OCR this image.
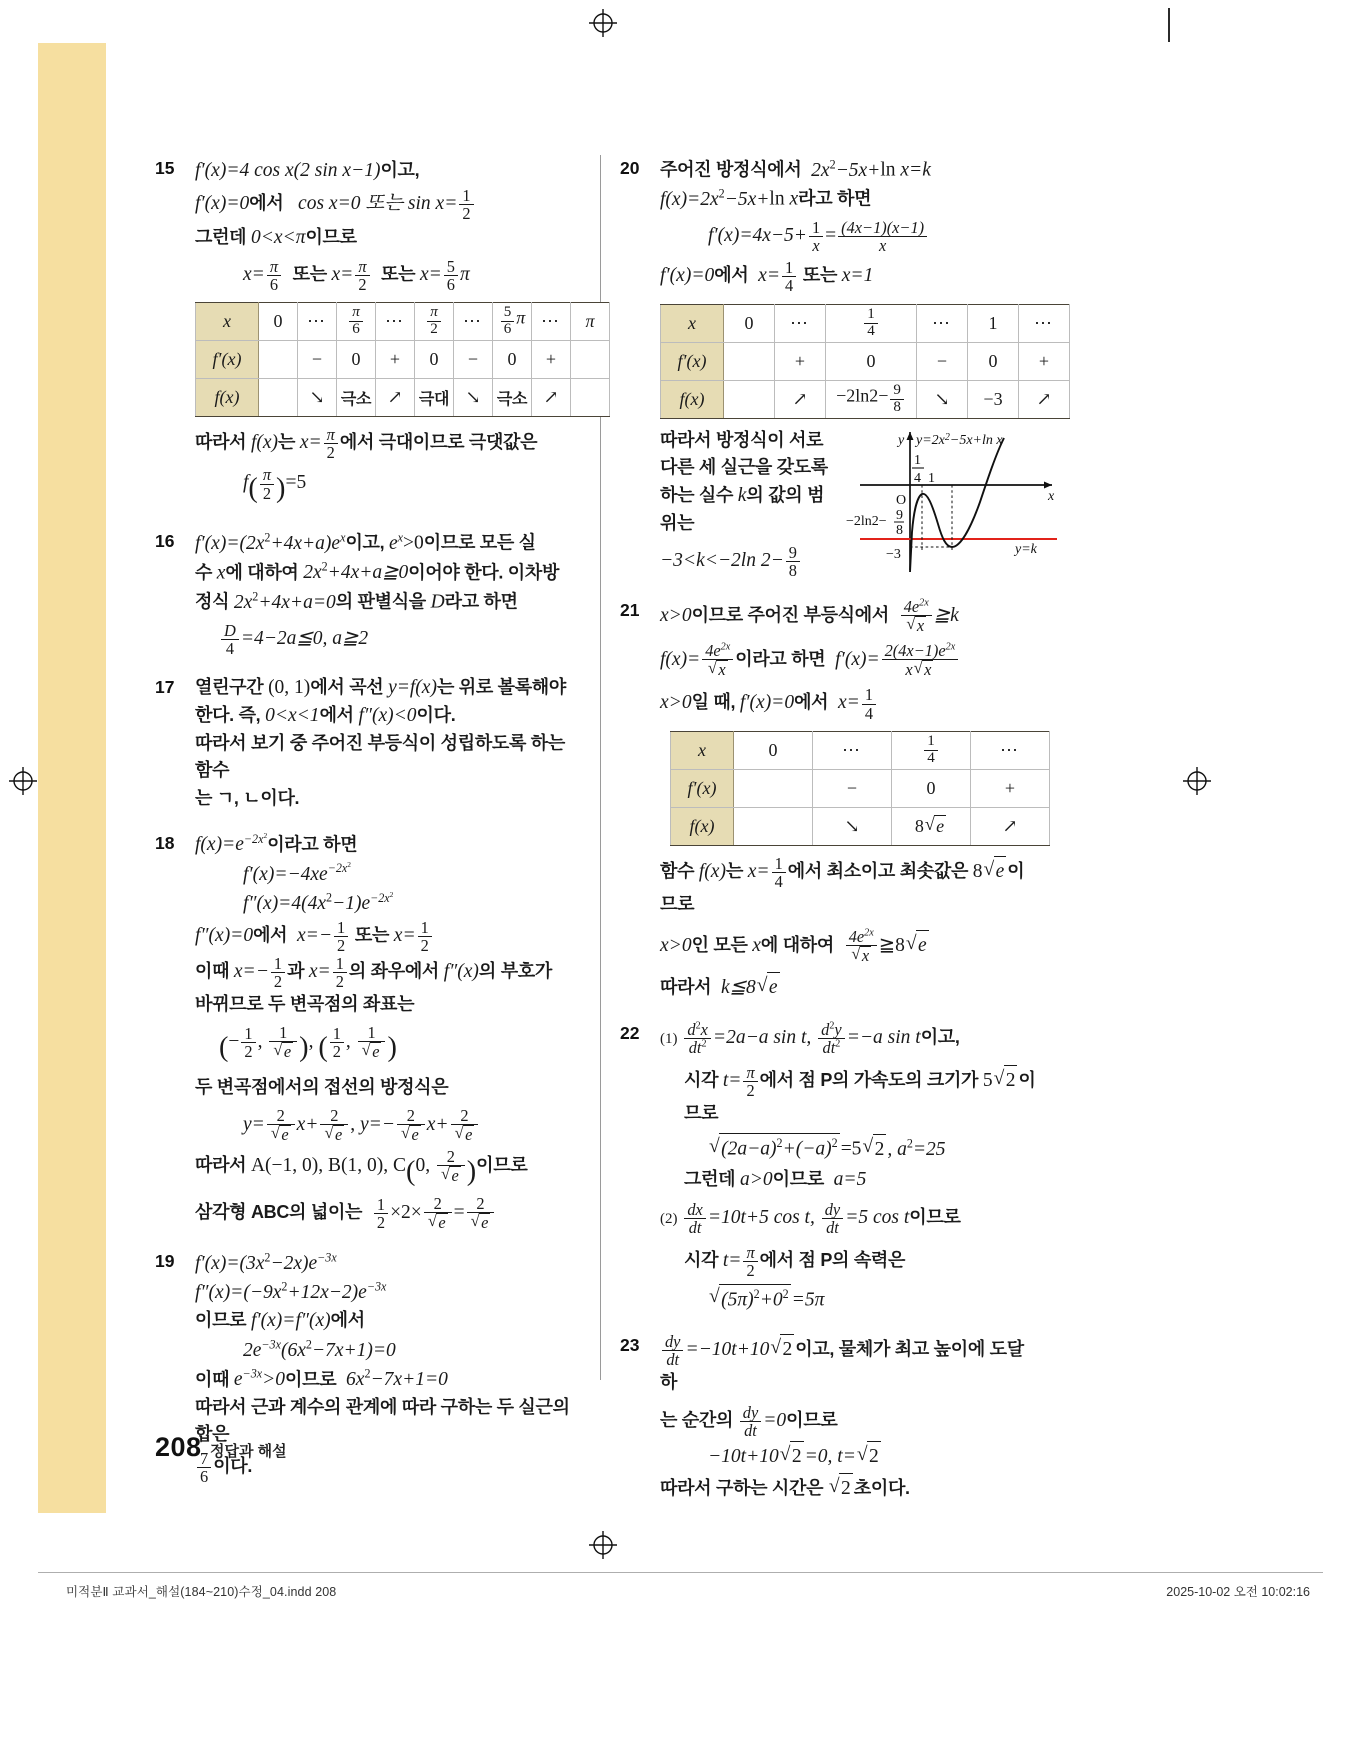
15	f′(x)=4 cos x(2 sin x−1)이고,
f′(x)=0에서 cos x=0 또는 $\sin x= \frac{1}{2}$
그런데 0<x<π이므로
$x= \frac{\pi}{6}$ 또는 $x= \frac{\pi}{2}$ 또는 $x= \frac{5}{6}$ π
x	0	⋯	$\frac{\pi}{6}$	⋯	$\frac{\pi}{2}$	⋯	$\frac{5}{6}$ π	⋯	π
f′(x)		−	0	+	0	−	0	+	
f(x)		↘	극소	↗	극대	↘	극소	↗	
따라서 f(x)는 $x= \frac{\pi}{2}$ 에서 극대이므로 극댓값은
$f( \frac{\pi}{2} )=5$
16	$f'(x)=(2x^2+4x+a)e^x$이고, $e^x>0$이므로 모든 실
수 x에 대하여 $2x^2+4x+a≧0$이어야 한다. 이차방
정식 $2x^2+4x+a=0$의 판별식을 D라고 하면
$\frac{D}{4}$ =4−2a≦0, a≧2
17	열린구간 (0, 1)에서 곡선 y=f(x)는 위로 볼록해야
한다. 즉, 0<x<1에서 f″(x)<0이다.
따라서 보기 중 주어진 부등식이 성립하도록 하는 함수
는 ㄱ, ㄴ이다.
18	$f(x)=e^{-2x^2}$이라고 하면
$f'(x)=-4xe^{-2x^2}$
$f''(x)=4(4x^2-1)e^{-2x^2}$
f″(x)=0에서 $x=- \frac{1}{2}$ 또는 $x= \frac{1}{2}$
이때 $x=- \frac{1}{2}$ 과 $x= \frac{1}{2}$ 의 좌우에서 f″(x)의 부호가
바뀌므로 두 변곡점의 좌표는
(− $\frac{1}{2}$ , 1
√ e ), ( $\frac{1}{2}$ , 1
√ e )
두 변곡점에서의 접선의 방정식은
y= 2
√ e x+ 2
√ e , y=− 2
√ e x+ 2
√ e
따라서 A(−1, 0), B(1, 0), C(0, 2
√ e )이므로
삼각형 ABC의 넓이는 $\frac{1}{2} \times 2\times 2$
√ e = 2
√ e
19	$f'(x)=(3x^2-2x)e^{-3x}$
$f''(x)=(-9x^2+12x-2)e^{-3x}$
이므로 f′(x)=f″(x)에서
$2e^{-3x}(6x^2-7x+1)=0$
이때 $e^{-3x}>0$이므로 $6x^2-7x+1=0$
따라서 근과 계수의 관계에 따라 구하는 두 실근의 합은
$\frac{7}{6}$ 이다.
20	주어진 방정식에서 $2x^2-5x+\ln$ x=k
$f(x)=2x^2-5x+\ln$ x라고 하면
$f'(x)=4x-5+ \frac{1}{x} = \frac{(4x-1)(x-1)}{x}$
f′(x)=0에서 $x= \frac{1}{4}$ 또는 x=1
x	0	⋯	$\frac{1}{4}$	⋯	1	⋯
f′(x)		+	0	−	0	+
f(x)		↗	$-2\ln 2- \frac{9}{8}$	↘	−3	↗
따라서 방정식이 서로
다른 세 실근을 갖도록
하는 실수 k의 값의 범
위는
−3<k<−2ln $2- \frac{9}{8}$
y $y=2x^2-5x+\ln$ x
x
O
1
4 1
−2ln2− 9
8
−3	y=k
21	x>0이므로 주어진 부등식에서 $4e^{2x}$
√ x ≧k
$f(x)= 4e^{2x}$
√ x 이라고 하면 $f'(x)= \frac{2(4x-1)e^{2x}}{x √ x}$
x>0일 때, f′(x)=0에서 $x= \frac{1}{4}$
x	0	⋯	$\frac{1}{4}$	⋯
f′(x)		−	0	+
f(x)		↘	8 √ e	↗
함수 f(x)는 $x= \frac{1}{4}$ 에서 최소이고 최솟값은 8 √ e 이므로
x>0인 모든 x에 대하여 $4e^{2x}$
√ x ≧8 √ e
따라서 k≦8 √ e
22	$(1) \frac{d^2x}{dt^2} =2a-a$ sin t, $\frac{d^2y}{dt^2} =-a$ sin t이고,
시각 $t= \frac{\pi}{2}$ 에서 점 P의 가속도의 크기가 5 √ 2 이므로
√ $(2a-a)^2+(-a)^2 =5$ √ 2 , $a^2=25$
그런데 a>0이므로 a=5
$(2) \frac{dx}{dt} =10t+5$ cos t, $\frac{dy}{dt} =5$ cos t이므로
시각 $t= \frac{\pi}{2}$ 에서 점 P의 속력은
√ $(5\pi)^2+0^2 =5\pi$
23	$\frac{dy}{dt} =-10t+10$ √ 2 이고, 물체가 최고 높이에 도달하
는 순간의 $\frac{dy}{dt} =0$이므로
−10t+10 √ 2 =0, t= √ 2
따라서 구하는 시간은 √ 2 초이다.
208 정답과 해설
미적분Ⅱ 교과서_해설(184~210)수정_04.indd 208	2025-10-02 오전 10:02:16
